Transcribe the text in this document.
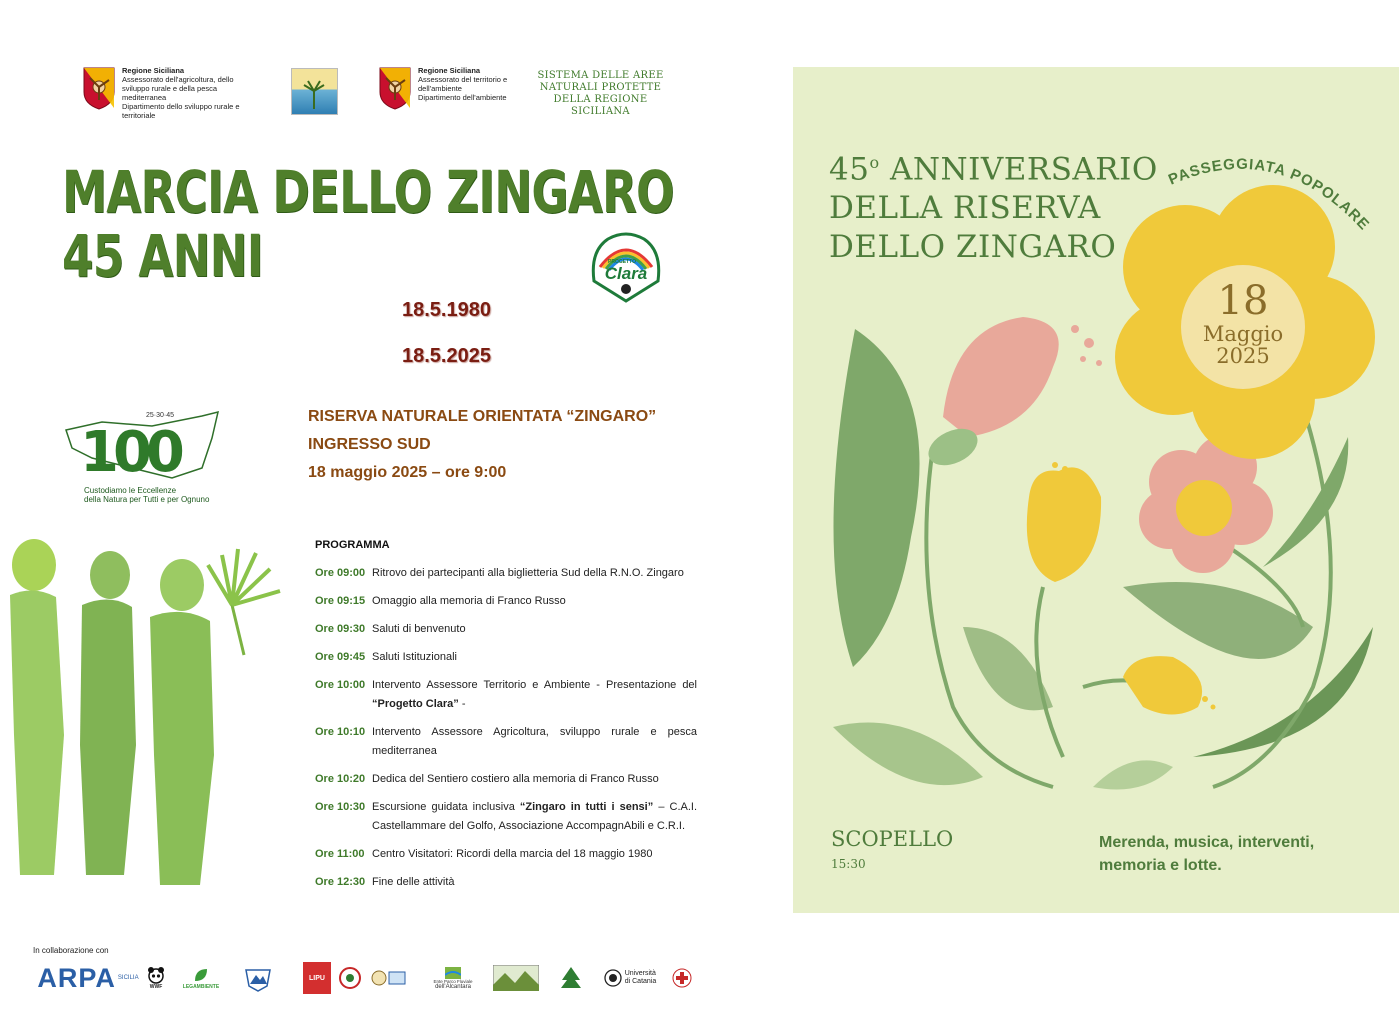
Regione Siciliana
Assessorato dell'agricoltura, dello
sviluppo rurale e della pesca
mediterranea
Dipartimento dello sviluppo rurale e
territoriale
Regione Siciliana
Assessorato del territorio e
dell'ambiente
Dipartimento dell'ambiente
SISTEMA DELLE AREE
NATURALI PROTETTE
DELLA REGIONE SICILIANA
MARCIA DELLO ZINGARO
45 ANNI
18.5.1980
18.5.2025
PROGETTO
Clara
25·30·45
100
Custodiamo le Eccellenze
della Natura per Tutti e per Ognuno
RISERVA NATURALE ORIENTATA “ZINGARO”
INGRESSO SUD
18 maggio 2025 – ore 9:00
PROGRAMMA
Ore 09:00 Ritrovo dei partecipanti alla biglietteria Sud della R.N.O. Zingaro
Ore 09:15 Omaggio alla memoria di Franco Russo
Ore 09:30 Saluti di benvenuto
Ore 09:45 Saluti Istituzionali
Ore 10:00 Intervento Assessore Territorio e Ambiente - Presentazione del “Progetto Clara” -
Ore 10:10 Intervento Assessore Agricoltura, sviluppo rurale e pesca mediterranea
Ore 10:20 Dedica del Sentiero costiero alla memoria di Franco Russo
Ore 10:30 Escursione guidata inclusiva “Zingaro in tutti i sensi” – C.A.I. Castellammare del Golfo, Associazione AccompagnAbili e C.R.I.
Ore 11:00 Centro Visitatori: Ricordi della marcia del 18 maggio 1980
Ore 12:30 Fine delle attività
In collaborazione con
ARPA SICILIA
WWF	LEGAMBIENTE
LIPU	Ente Parco Fluviale
dell'Alcantara
Università
di Catania
45$^o$ ANNIVERSARIO
DELLA RISERVA
DELLO ZINGARO
PASSEGGIATA POPOLARE
18
Maggio
2025
SCOPELLO
15:30
Merenda, musica, interventi,
memoria e lotte.
